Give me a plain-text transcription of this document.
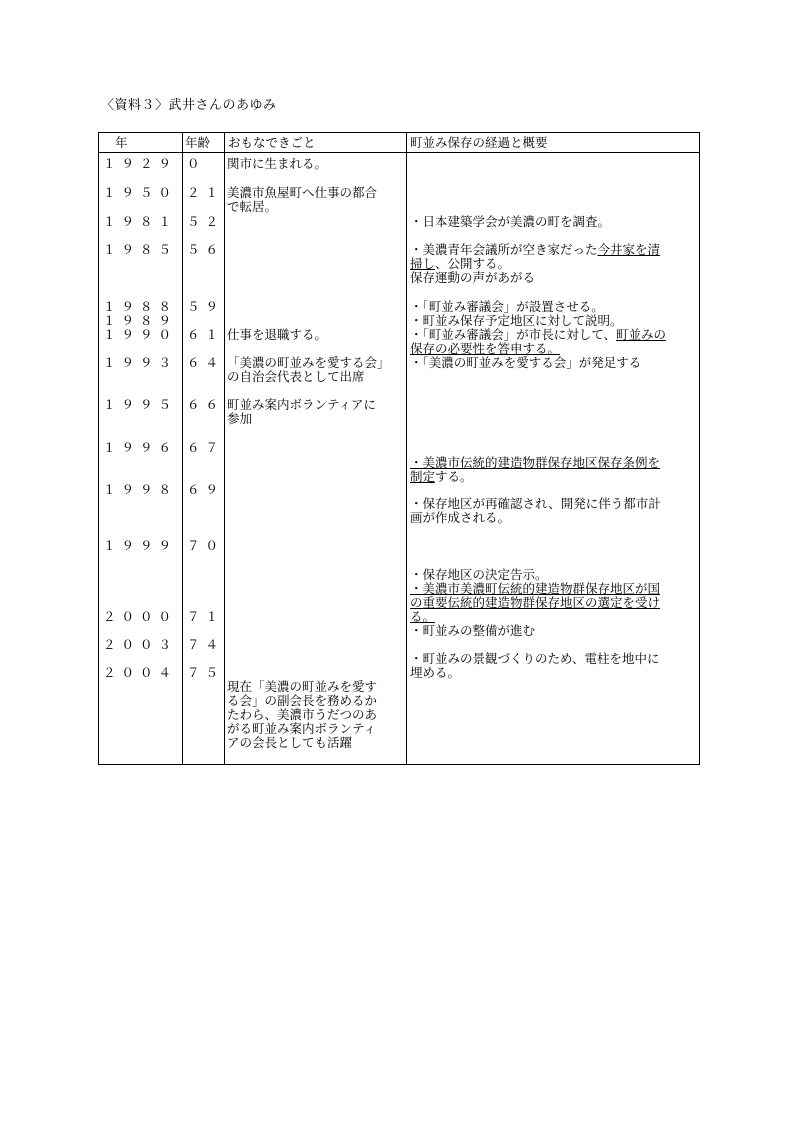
〈資料３〉武井さんのあゆみ
年	年齢 おもなできごと	町並み保存の経過と概要
１９２９
１９５０
１９８１
１９８５
１９８８
１９８９
１９９０
１９９３
１９９５
１９９６
１９９８
１９９９
２０００
２００３
２００４
０
２１
５２
５６
５９
６１
６４
６６
６７
６９
７０
７１
７４
７５
関市に生まれる。
美濃市魚屋町へ仕事の都合
で転居。
仕事を退職する。
「美濃の町並みを愛する会」
の自治会代表として出席
町並み案内ボランティアに
参加
現在「美濃の町並みを愛す
る会」の副会長を務めるか
たわら、美濃市うだつのあ
がる町並み案内ボランティ
アの会長としても活躍
・日本建築学会が美濃の町を調査。
・美濃青年会議所が空き家だった今井家を清
掃し、公開する。
保存運動の声があがる
・「町並み審議会」が設置させる。
・町並み保存予定地区に対して説明。
・「町並み審議会」が市長に対して、町並みの
保存の必要性を答申する。
・「美濃の町並みを愛する会」が発足する
・美濃市伝統的建造物群保存地区保存条例を
制定する。
・保存地区が再確認され、開発に伴う都市計
画が作成される。
・保存地区の決定告示。
・美濃市美濃町伝統的建造物群保存地区が国
の重要伝統的建造物群保存地区の選定を受け
る。
・町並みの整備が進む
・町並みの景観づくりのため、電柱を地中に
埋める。
